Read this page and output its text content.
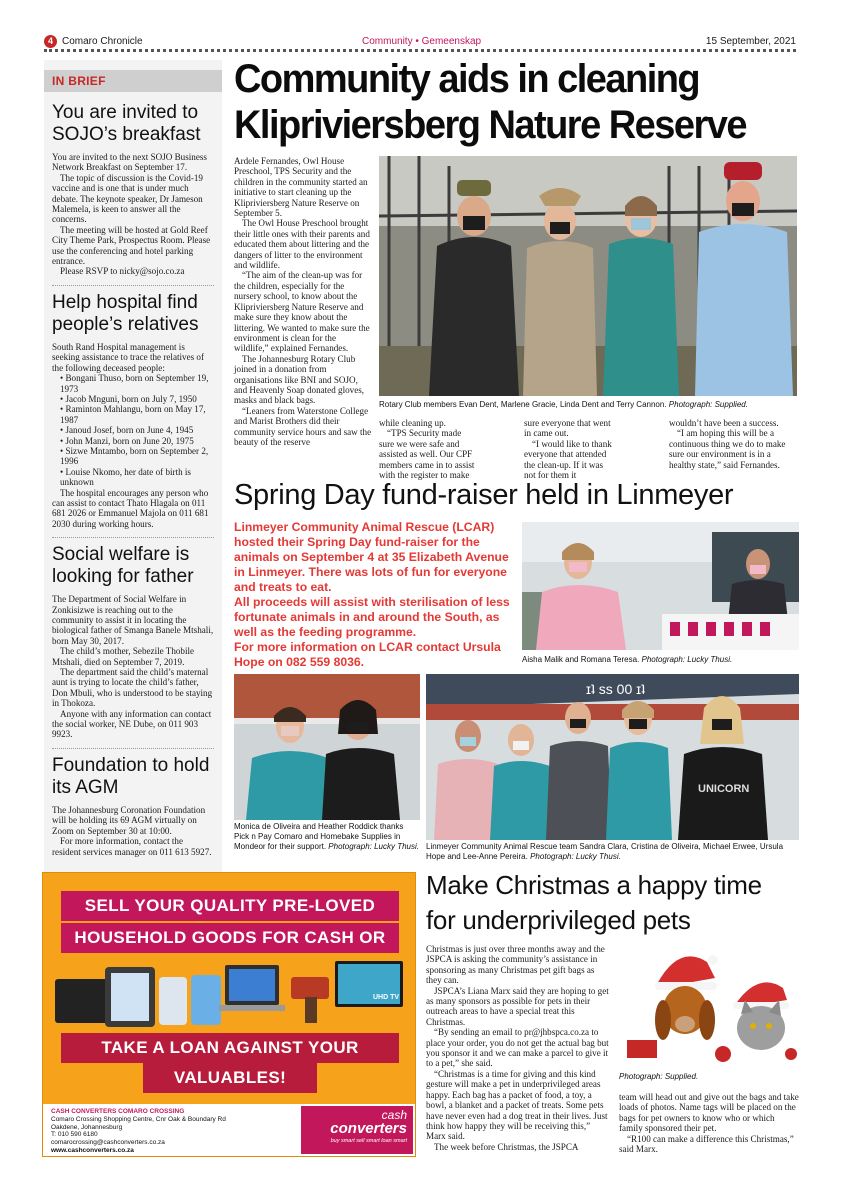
4 Comaro Chronicle	Community • Gemeenskap	15 September, 2021
IN BRIEF
You are invited to SOJO’s breakfast

You are invited to the next SOJO Business Network Breakfast on September 17.

The topic of discussion is the Covid-19 vaccine and is one that is under much debate. The keynote speaker, Dr Jameson Malemela, is keen to answer all the concerns.

The meeting will be hosted at Gold Reef City Theme Park, Prospectus Room. Please use the conferencing and hotel parking entrance.

Please RSVP to nicky@sojo.co.za

Help hospital find people’s relatives

South Rand Hospital management is seeking assistance to trace the relatives of the following deceased people:

• Bongani Thuso, born on September 19, 1973

• Jacob Mnguni, born on July 7, 1950

• Raminton Mahlangu, born on May 17, 1987

• Janoud Josef, born on June 4, 1945

• John Manzi, born on June 20, 1975

• Sizwe Mntambo, born on September 2, 1996

• Louise Nkomo, her date of birth is unknown

The hospital encourages any person who can assist to contact Thato Hlagala on 011 681 2026 or Emmanuel Majola on 011 681 2030 during working hours.

Social welfare is looking for father

The Department of Social Welfare in Zonkisizwe is reaching out to the community to assist it in locating the biological father of Smanga Banele Mtshali, born May 30, 2017.

The child’s mother, Sebezile Thobile Mtshali, died on September 7, 2019.

The department said the child’s maternal aunt is trying to locate the child’s father, Don Mbuli, who is understood to be staying in Thokoza.

Anyone with any information can contact the social worker, NE Dube, on 011 903 9923.

Foundation to hold its AGM

The Johannesburg Coronation Foundation will be holding its 69 AGM virtually on Zoom on September 30 at 10:00.

For more information, contact the resident services manager on 011 613 5927.

Community aids in cleaning Klipriviersberg Nature Reserve

Ardele Fernandes, Owl House Preschool, TPS Security and the children in the community started an initiative to start cleaning up the Klipriviersberg Nature Reserve on September 5.

The Owl House Preschool brought their little ones with their parents and educated them about littering and the dangers of litter to the environment and wildlife.

“The aim of the clean-up was for the children, especially for the nursery school, to know about the Klipriviersberg Nature Reserve and make sure they know about the littering. We wanted to make sure the environment is clean for the wildlife,” explained Fernandes.

The Johannesburg Rotary Club joined in a donation from organisations like BNI and SOJO, and Heavenly Soap donated gloves, masks and black bags.

“Leaners from Waterstone College and Marist Brothers did their community service hours and saw the beauty of the reserve

Rotary Club members Evan Dent, Marlene Gracie, Linda Dent and Terry Cannon. Photograph: Supplied.

while cleaning up.

“TPS Security made sure we were safe and assisted as well. Our CPF members came in to assist with the register to make

sure everyone that went in came out.

“I would like to thank everyone that attended the clean-up. If it was not for them it

wouldn’t have been a success.

“I am hoping this will be a continuous thing we do to make sure our environment is in a healthy state,” said Fernandes.

Spring Day fund-raiser held in Linmeyer

Linmeyer Community Animal Rescue (LCAR) hosted their Spring Day fund-raiser for the animals on September 4 at 35 Elizabeth Avenue in Linmeyer. There was lots of fun for everyone and treats to eat.

All proceeds will assist with sterilisation of less fortunate animals in and around the South, as well as the feeding programme.

For more information on LCAR contact Ursula Hope on 082 559 8036.	Aisha Malik and Romana Teresa. Photograph: Lucky Thusi.
Monica de Oliveira and Heather Roddick thanks Pick n Pay Comaro and Homebake Supplies in Mondeor for their support. Photograph: Lucky Thusi.
ɪʇ ss 00 ɪʇ
UNICORN
Linmeyer Community Animal Rescue team Sandra Clara, Cristina de Oliveira, Michael Erwee, Ursula Hope and Lee-Anne Pereira. Photograph: Lucky Thusi.
SELL YOUR QUALITY PRE-LOVED
HOUSEHOLD GOODS FOR CASH OR
UHD TV
TAKE A LOAN AGAINST YOUR
VALUABLES!
CASH CONVERTERS COMARO CROSSING
Comaro Crossing Shopping Centre, Cnr Oak & Boundary Rd
Oakdene, Johannesburg
T: 010 590 6180
comarocrossing@cashconverters.co.za
www.cashconverters.co.za
cash
converters
buy smart sell smart loan smart
Make Christmas a happy time for underprivileged pets

Christmas is just over three months away and the JSPCA is asking the community’s assistance in sponsoring as many Christmas pet gift bags as they can.

JSPCA’s Liana Marx said they are hoping to get as many sponsors as possible for pets in their outreach areas to have a special treat this Christmas.

“By sending an email to pr@jhbspca.co.za to place your order, you do not get the actual bag but you sponsor it and we can make a parcel to give it to a pet,” she said.

“Christmas is a time for giving and this kind gesture will make a pet in underprivileged areas happy. Each bag has a packet of food, a toy, a bowl, a blanket and a packet of treats. Some pets have never even had a dog treat in their lives. Just think how happy they will be receiving this,” Marx said.

The week before Christmas, the JSPCA

Photograph: Supplied.

team will head out and give out the bags and take loads of photos. Name tags will be placed on the bags for pet owners to know who or which family sponsored their pet.

“R100 can make a difference this Christmas,” said Marx.
